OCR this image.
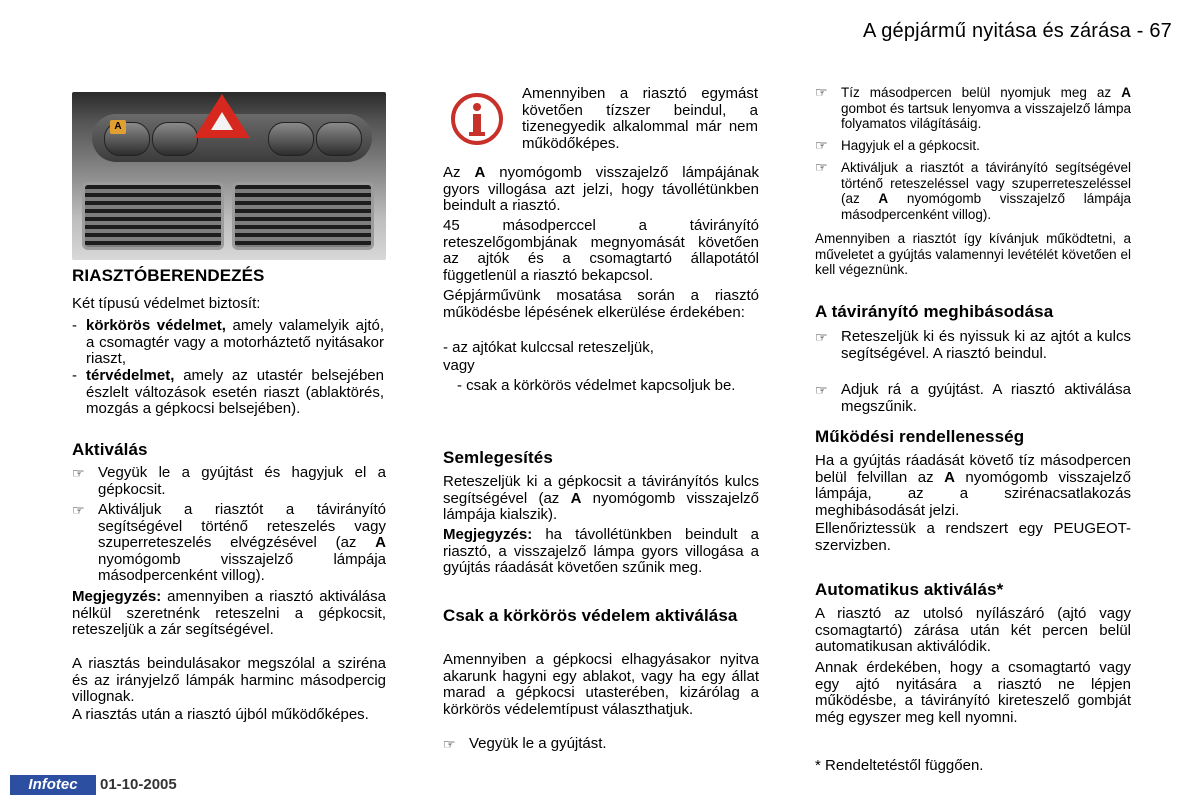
A gépjármű nyitása és zárása - 67
A
RIASZTÓBERENDEZÉS
Két típusú védelmet biztosít:
- körkörös védelmet, amely valamelyik ajtó, a csomagtér vagy a motorháztető nyitásakor riaszt,
- térvédelmet, amely az utastér belsejében észlelt változások esetén riaszt (ablaktörés, mozgás a gépkocsi belsejében).
Aktiválás
☞ Vegyük le a gyújtást és hagyjuk el a gépkocsit.
☞ Aktiváljuk a riasztót a távirányító segítségével történő reteszelés vagy szuperreteszelés elvégzésével (az A nyomógomb visszajelző lámpája másodpercenként villog).
Megjegyzés: amennyiben a riasztó aktiválása nélkül szeretnénk reteszelni a gépkocsit, reteszeljük a zár segítségével.
A riasztás beindulásakor megszólal a sziréna és az irányjelző lámpák harminc másodpercig villognak.
A riasztás után a riasztó újból működőképes.
Amennyiben a riasztó egymást követően tízszer beindul, a tizenegyedik alkalommal már nem működőképes.
Az A nyomógomb visszajelző lámpájának gyors villogása azt jelzi, hogy távollétünkben beindult a riasztó.
45 másodperccel a távirányító reteszelőgombjának megnyomását követően az ajtók és a csomagtartó állapotától függetlenül a riasztó bekapcsol.
Gépjárművünk mosatása során a riasztó működésbe lépésének elkerülése érdekében:
- az ajtókat kulccsal reteszeljük,
vagy
- csak a körkörös védelmet kapcsoljuk be.
Semlegesítés
Reteszeljük ki a gépkocsit a távirányítós kulcs segítségével (az A nyomógomb visszajelző lámpája kialszik).
Megjegyzés: ha távollétünkben beindult a riasztó, a visszajelző lámpa gyors villogása a gyújtás ráadását követően szűnik meg.
Csak a körkörös védelem aktiválása
Amennyiben a gépkocsi elhagyásakor nyitva akarunk hagyni egy ablakot, vagy ha egy állat marad a gépkocsi utasterében, kizárólag a körkörös védelemtípust választhatjuk.
☞ Vegyük le a gyújtást.
☞ Tíz másodpercen belül nyomjuk meg az A gombot és tartsuk lenyomva a visszajelző lámpa folyamatos világításáig.
☞ Hagyjuk el a gépkocsit.
☞ Aktiváljuk a riasztót a távirányító segítségével történő reteszeléssel vagy szuperreteszeléssel (az A nyomógomb visszajelző lámpája másodpercenként villog).
Amennyiben a riasztót így kívánjuk működtetni, a műveletet a gyújtás valamennyi levétélét követően el kell végeznünk.
A távirányító meghibásodása
☞ Reteszeljük ki és nyissuk ki az ajtót a kulcs segítségével. A riasztó beindul.
☞ Adjuk rá a gyújtást. A riasztó aktiválása megszűnik.
Működési rendellenesség
Ha a gyújtás ráadását követő tíz másodpercen belül felvillan az A nyomógomb visszajelző lámpája, az a szirénacsatlakozás meghibásodását jelzi.
Ellenőriztessük a rendszert egy PEUGEOT-szervizben.
Automatikus aktiválás*
A riasztó az utolsó nyílászáró (ajtó vagy csomagtartó) zárása után két percen belül automatikusan aktiválódik.
Annak érdekében, hogy a csomagtartó vagy egy ajtó nyitására a riasztó ne lépjen működésbe, a távirányító kireteszelő gombját még egyszer meg kell nyomni.
* Rendeltetéstől függően.
Infotec	01-10-2005
